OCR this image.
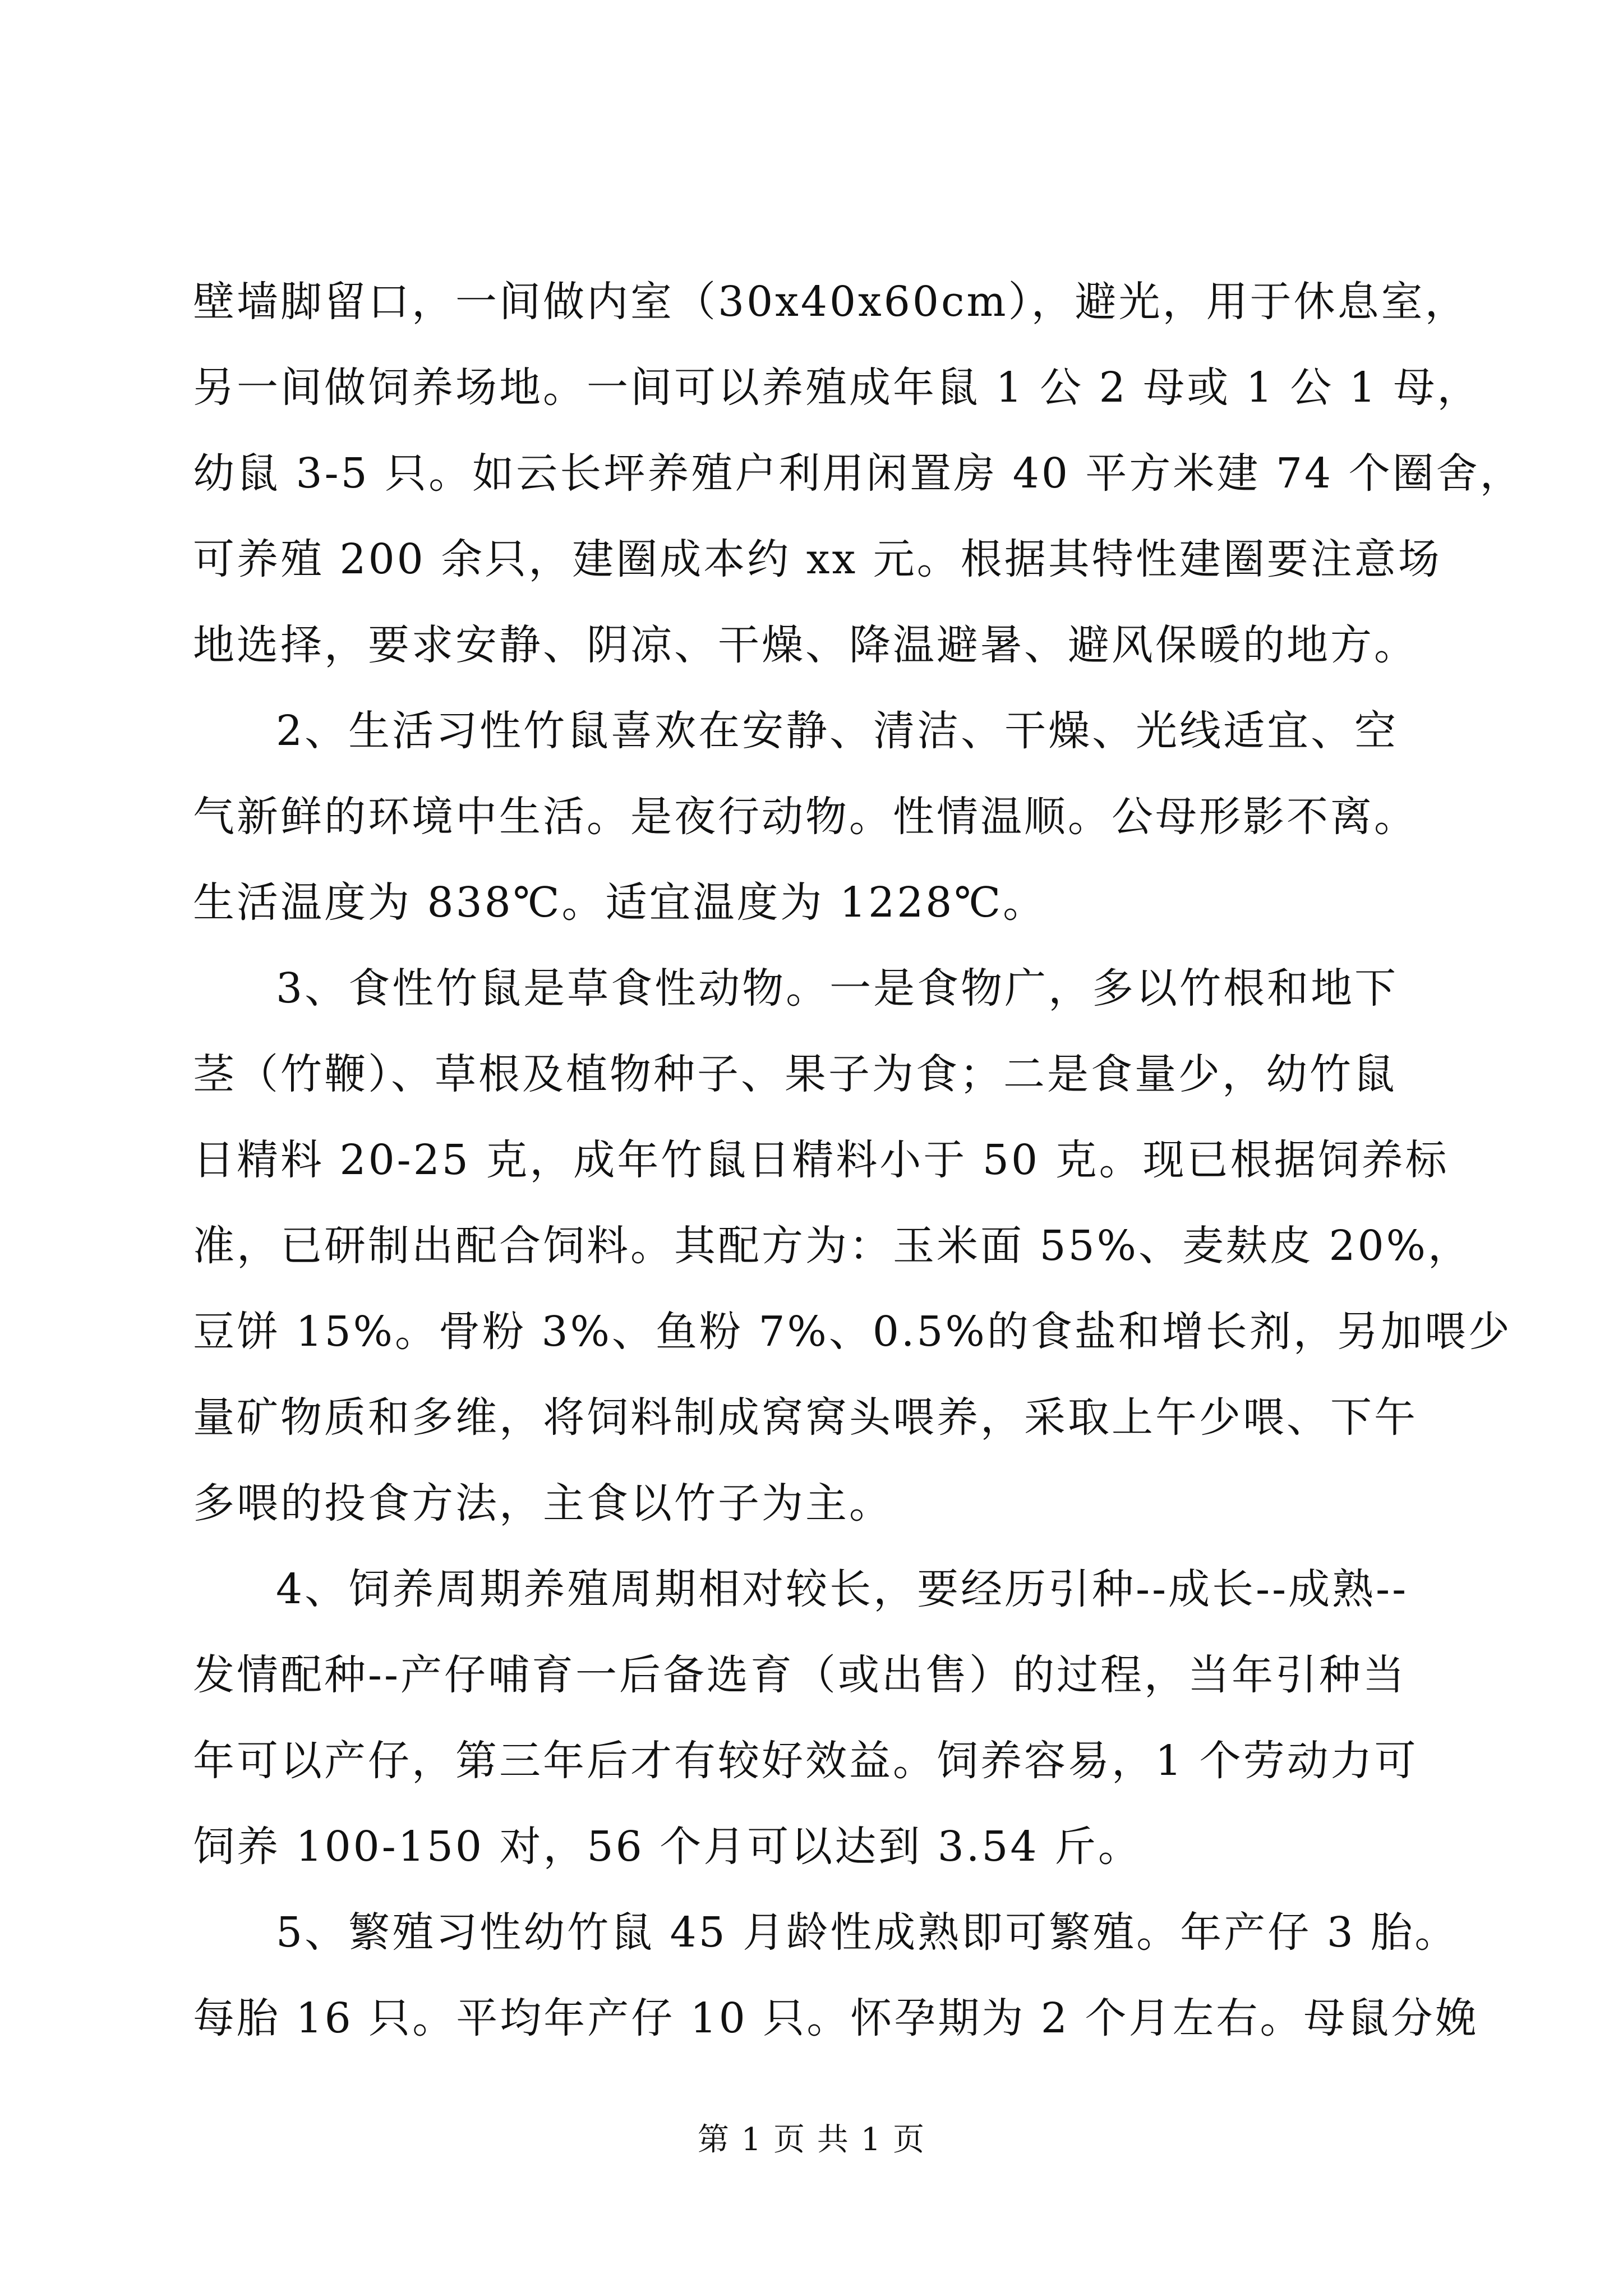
壁墙脚留口，一间做内室（30x40x60cm），避光，用于休息室，
另一间做饲养场地。一间可以养殖成年鼠 1 公 2 母或 1 公 1 母，
幼鼠 3-5 只。如云长坪养殖户利用闲置房 40 平方米建 74 个圈舍，
可养殖 200 余只，建圈成本约 xx 元。根据其特性建圈要注意场
地选择，要求安静、阴凉、干燥、降温避暑、避风保暖的地方。
2、生活习性竹鼠喜欢在安静、清洁、干燥、光线适宜、空
气新鲜的环境中生活。是夜行动物。性情温顺。公母形影不离。
生活温度为 838℃。适宜温度为 1228℃。
3、食性竹鼠是草食性动物。一是食物广，多以竹根和地下
茎（竹鞭）、草根及植物种子、果子为食；二是食量少，幼竹鼠
日精料 20-25 克，成年竹鼠日精料小于 50 克。现已根据饲养标
准，已研制出配合饲料。其配方为：玉米面 55%、麦麸皮 20%，
豆饼 15%。骨粉 3%、鱼粉 7%、0.5%的食盐和增长剂，另加喂少
量矿物质和多维，将饲料制成窝窝头喂养，采取上午少喂、下午
多喂的投食方法，主食以竹子为主。
4、饲养周期养殖周期相对较长，要经历引种--成长--成熟--
发情配种--产仔哺育一后备选育（或出售）的过程，当年引种当
年可以产仔，第三年后才有较好效益。饲养容易，1 个劳动力可
饲养 100-150 对，56 个月可以达到 3.54 斤。
5、繁殖习性幼竹鼠 45 月龄性成熟即可繁殖。年产仔 3 胎。
每胎 16 只。平均年产仔 10 只。怀孕期为 2 个月左右。母鼠分娩
第 1 页 共 1 页
